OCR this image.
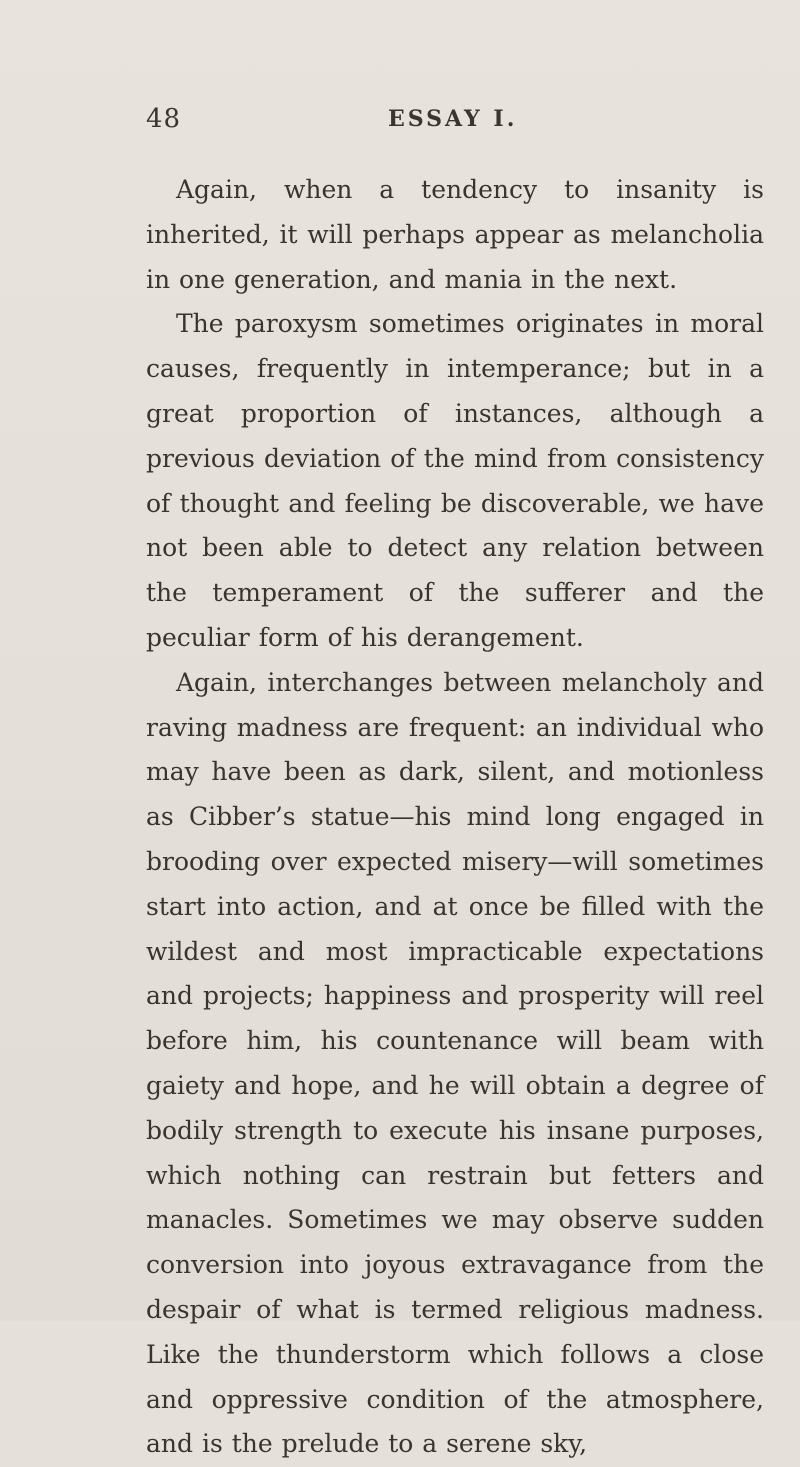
48	ESSAY I.

Again, when a tendency to insanity is inherited, it will perhaps appear as melancholia in one generation, and mania in the next.

The paroxysm sometimes originates in moral causes, frequently in intemperance; but in a great proportion of instances, although a previous deviation of the mind from consistency of thought and feeling be discoverable, we have not been able to detect any relation between the temperament of the sufferer and the peculiar form of his derangement.

Again, interchanges between melancholy and raving madness are frequent: an individual who may have been as dark, silent, and motionless as Cibber’s statue—his mind long engaged in brooding over expected misery—will sometimes start into action, and at once be filled with the wildest and most impracticable expectations and projects; happiness and prosperity will reel before him, his countenance will beam with gaiety and hope, and he will obtain a degree of bodily strength to execute his insane purposes, which nothing can restrain but fetters and manacles. Sometimes we may observe sudden conversion into joyous extravagance from the despair of what is termed religious madness. Like the thunderstorm which follows a close and oppressive condition of the atmosphere, and is the prelude to a serene sky,
